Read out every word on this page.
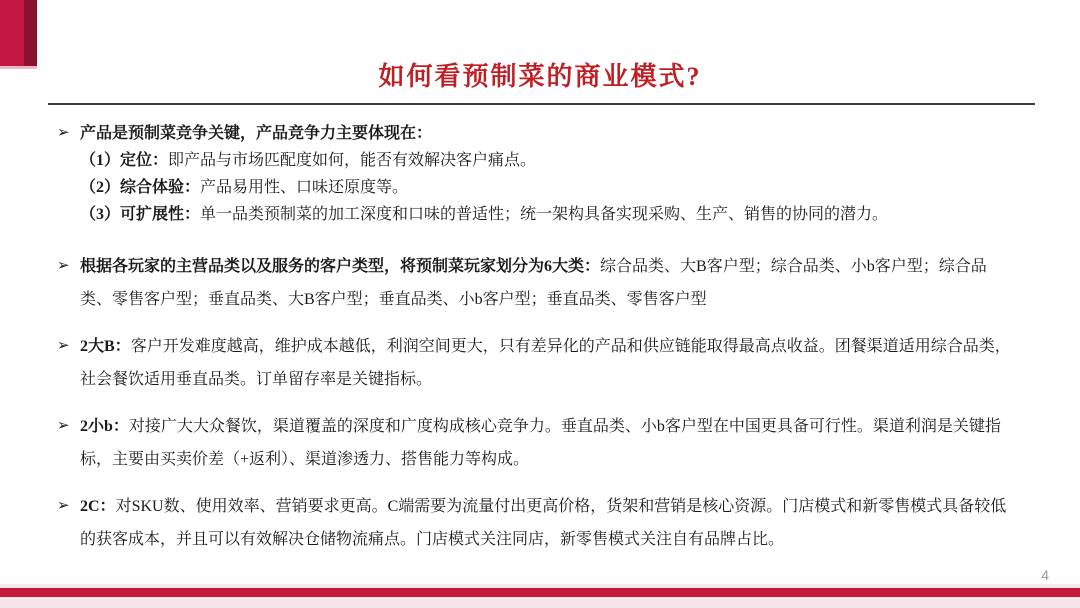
如何看预制菜的商业模式?
➢ 产品是预制菜竞争关键，产品竞争力主要体现在：
（1）定位：即产品与市场匹配度如何，能否有效解决客户痛点。
（2）综合体验：产品易用性、口味还原度等。
（3）可扩展性：单一品类预制菜的加工深度和口味的普适性；统一架构具备实现采购、生产、销售的协同的潜力。
➢ 根据各玩家的主营品类以及服务的客户类型，将预制菜玩家划分为6大类：综合品类、大B客户型；综合品类、小b客户型；综合品类、零售客户型；垂直品类、大B客户型；垂直品类、小b客户型；垂直品类、零售客户型
➢ 2大B：客户开发难度越高，维护成本越低，利润空间更大，只有差异化的产品和供应链能取得最高点收益。团餐渠道适用综合品类，社会餐饮适用垂直品类。订单留存率是关键指标。
➢ 2小b：对接广大大众餐饮，渠道覆盖的深度和广度构成核心竞争力。垂直品类、小b客户型在中国更具备可行性。渠道利润是关键指标，主要由买卖价差（+返利）、渠道渗透力、搭售能力等构成。
➢ 2C：对SKU数、使用效率、营销要求更高。C端需要为流量付出更高价格，货架和营销是核心资源。门店模式和新零售模式具备较低的获客成本，并且可以有效解决仓储物流痛点。门店模式关注同店，新零售模式关注自有品牌占比。
4
